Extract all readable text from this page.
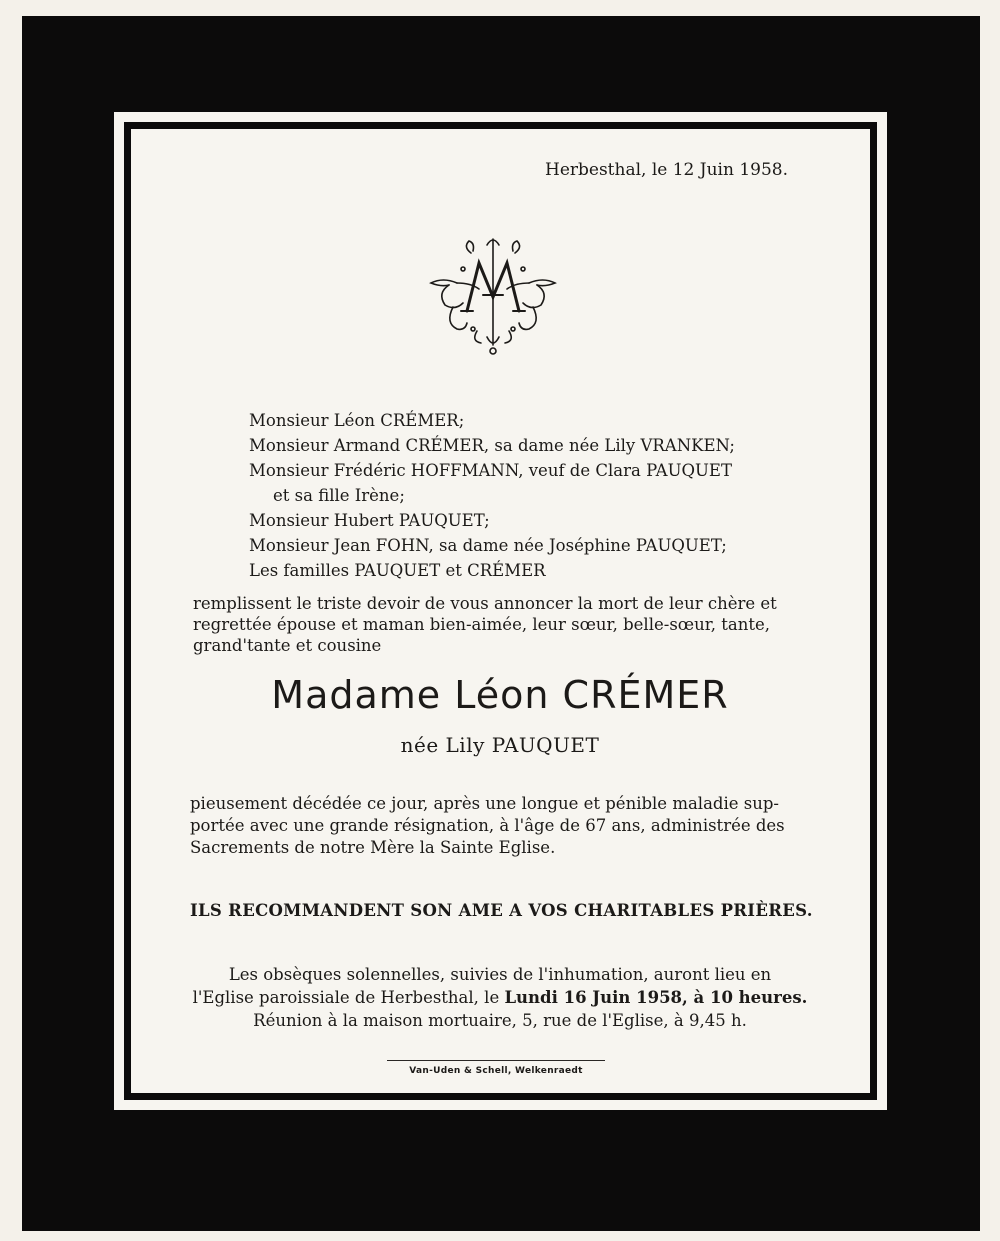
Herbesthal, le 12 Juin 1958.
Monsieur Léon CRÉMER;
Monsieur Armand CRÉMER, sa dame née Lily VRANKEN;
Monsieur Frédéric HOFFMANN, veuf de Clara PAUQUET
et sa fille Irène;
Monsieur Hubert PAUQUET;
Monsieur Jean FOHN, sa dame née Joséphine PAUQUET;
Les familles PAUQUET et CRÉMER
remplissent le triste devoir de vous annoncer la mort de leur chère et
regrettée épouse et maman bien-aimée, leur sœur, belle-sœur, tante,
grand'tante et cousine
Madame Léon CRÉMER
née Lily PAUQUET
pieusement décédée ce jour, après une longue et pénible maladie sup-
portée avec une grande résignation, à l'âge de 67 ans, administrée des
Sacrements de notre Mère la Sainte Eglise.
ILS RECOMMANDENT SON AME A VOS CHARITABLES PRIÈRES.
Les obsèques solennelles, suivies de l'inhumation, auront lieu en
l'Eglise paroissiale de Herbesthal, le Lundi 16 Juin 1958, à 10 heures.
Réunion à la maison mortuaire, 5, rue de l'Eglise, à 9,45 h.
Van-Uden & Schell, Welkenraedt
